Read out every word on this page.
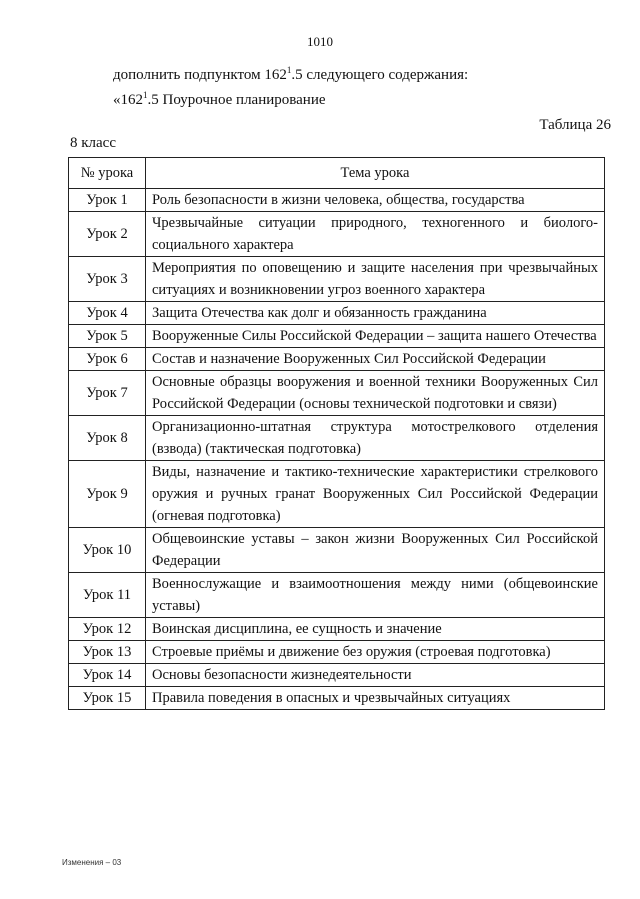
1010
дополнить подпунктом $162^1.5$ следующего содержания:
«$162^1.5$ Поурочное планирование
Таблица 26
8 класс
№ урока	Тема урока
Урок 1	Роль безопасности в жизни человека, общества, государства
Урок 2	Чрезвычайные ситуации природного, техногенного и биолого-социального характера
Урок 3	Мероприятия по оповещению и защите населения при чрезвычайных ситуациях и возникновении угроз военного характера
Урок 4	Защита Отечества как долг и обязанность гражданина
Урок 5	Вооруженные Силы Российской Федерации – защита нашего Отечества
Урок 6	Состав и назначение Вооруженных Сил Российской Федерации
Урок 7	Основные образцы вооружения и военной техники Вооруженных Сил Российской Федерации (основы технической подготовки и связи)
Урок 8	Организационно-штатная структура мотострелкового отделения (взвода) (тактическая подготовка)
Урок 9	Виды, назначение и тактико-технические характеристики стрелкового оружия и ручных гранат Вооруженных Сил Российской Федерации (огневая подготовка)
Урок 10	Общевоинские уставы – закон жизни Вооруженных Сил Российской Федерации
Урок 11	Военнослужащие и взаимоотношения между ними (общевоинские уставы)
Урок 12	Воинская дисциплина, ее сущность и значение
Урок 13	Строевые приёмы и движение без оружия (строевая подготовка)
Урок 14	Основы безопасности жизнедеятельности
Урок 15	Правила поведения в опасных и чрезвычайных ситуациях
Изменения – 03
